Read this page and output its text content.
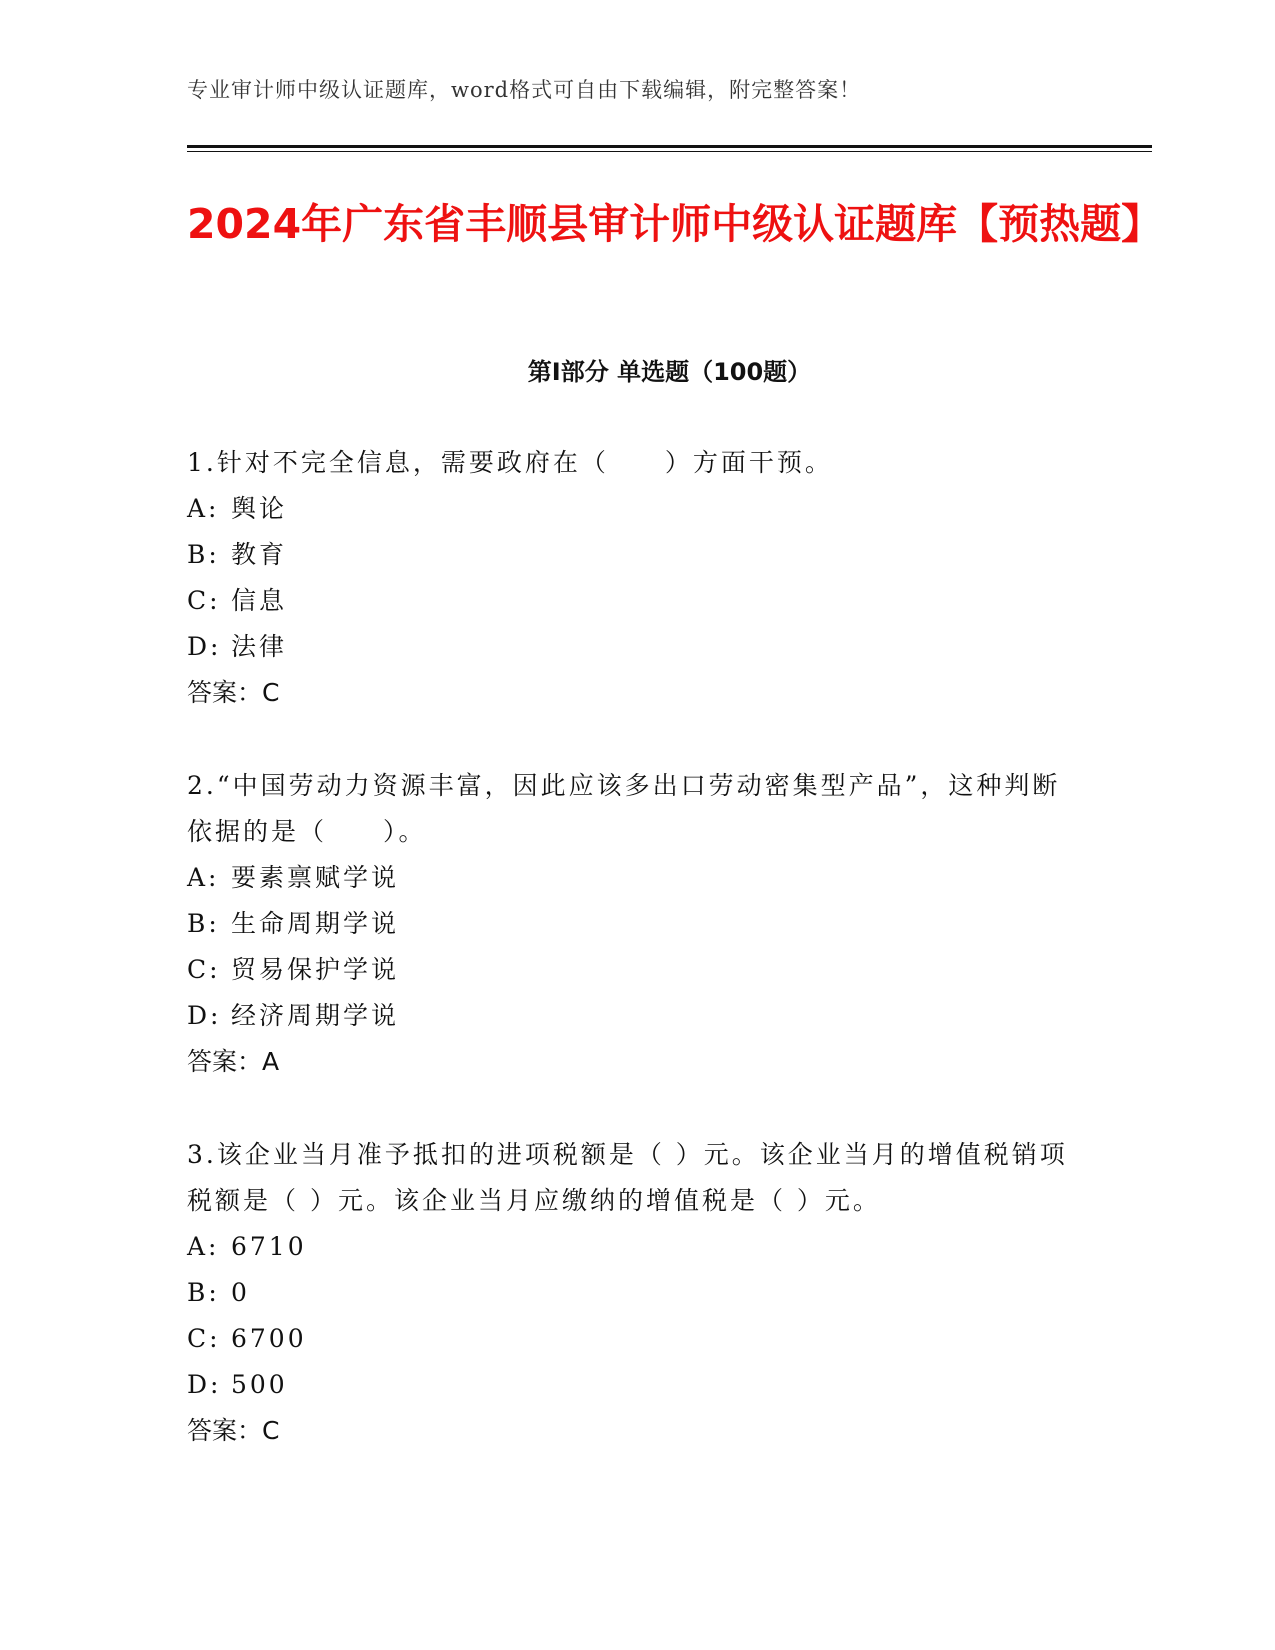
专业审计师中级认证题库，word格式可自由下载编辑，附完整答案！
2024年广东省丰顺县审计师中级认证题库【预热题】
第I部分 单选题（100题）

1.针对不完全信息，需要政府在（　　）方面干预。

A: 舆论
B: 教育
C: 信息
D: 法律
答案：C

2.“中国劳动力资源丰富，因此应该多出口劳动密集型产品”，这种判断依据的是（　　）。

A: 要素禀赋学说
B: 生命周期学说
C: 贸易保护学说
D: 经济周期学说
答案：A

3.该企业当月准予抵扣的进项税额是（ ）元。该企业当月的增值税销项税额是（ ）元。该企业当月应缴纳的增值税是（ ）元。

A: 6710
B: 0
C: 6700
D: 500
答案：C
